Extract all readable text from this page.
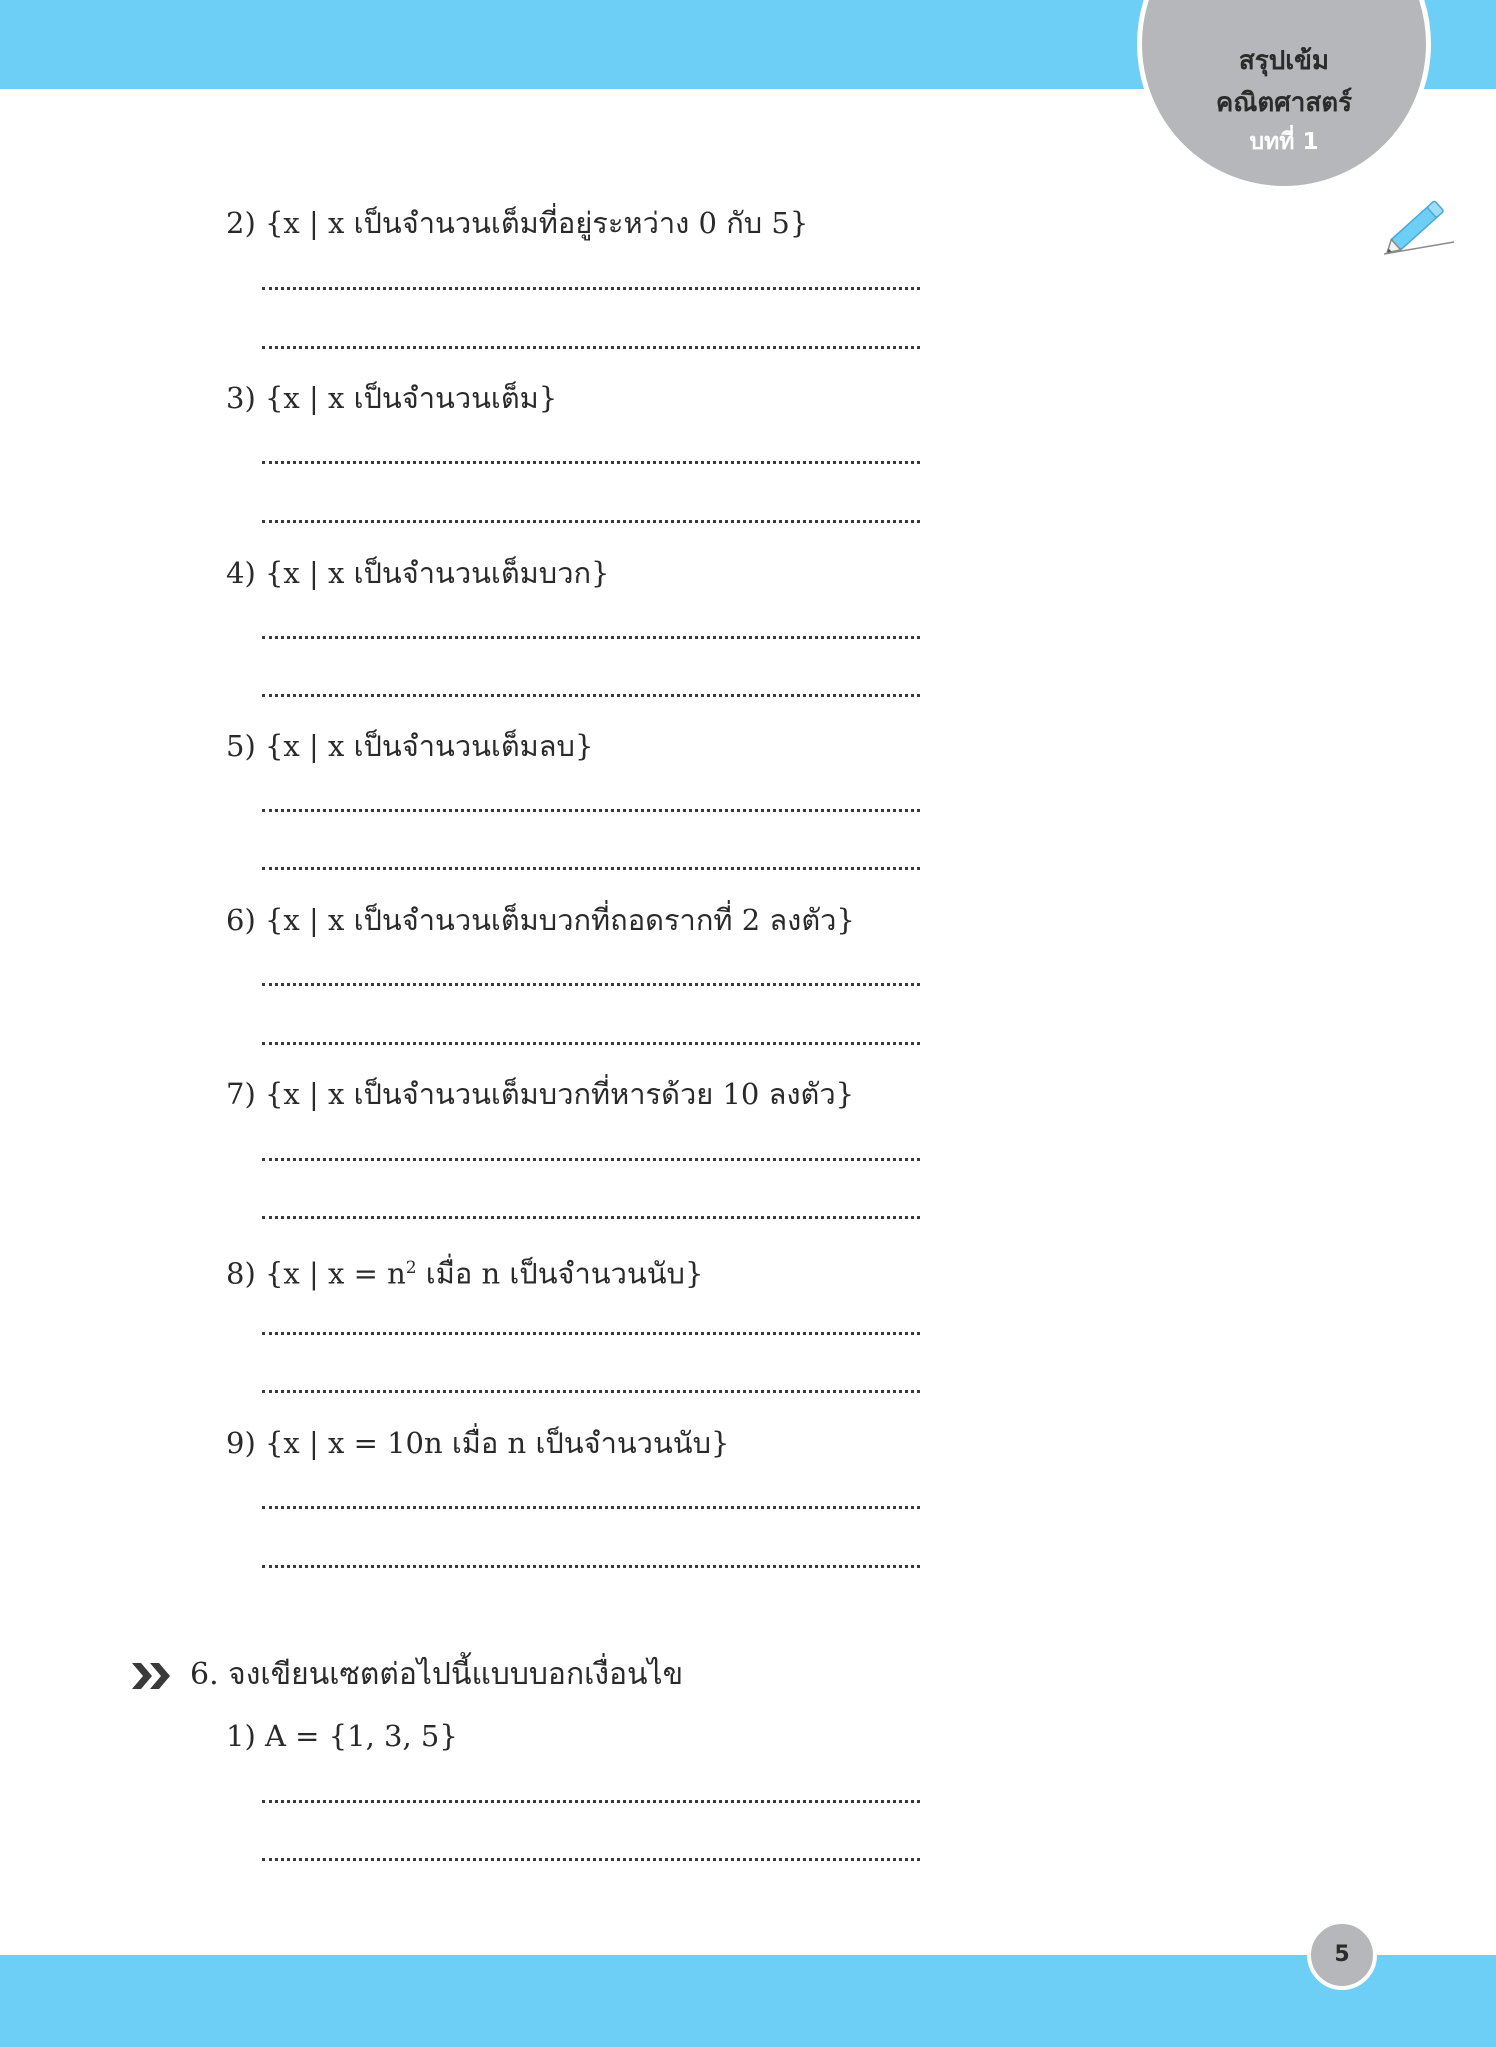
สรุปเข้ม
คณิตศาสตร์
บทที่ 1
2) {x | x เป็นจำนวนเต็มที่อยู่ระหว่าง 0 กับ 5}
3) {x | x เป็นจำนวนเต็ม}
4) {x | x เป็นจำนวนเต็มบวก}
5) {x | x เป็นจำนวนเต็มลบ}
6) {x | x เป็นจำนวนเต็มบวกที่ถอดรากที่ 2 ลงตัว}
7) {x | x เป็นจำนวนเต็มบวกที่หารด้วย 10 ลงตัว}
8) {x | $x = n^2$ เมื่อ n เป็นจำนวนนับ}
9) {x | x = 10n เมื่อ n เป็นจำนวนนับ}
6. จงเขียนเซตต่อไปนี้แบบบอกเงื่อนไข
1) A = {1, 3, 5}
5
